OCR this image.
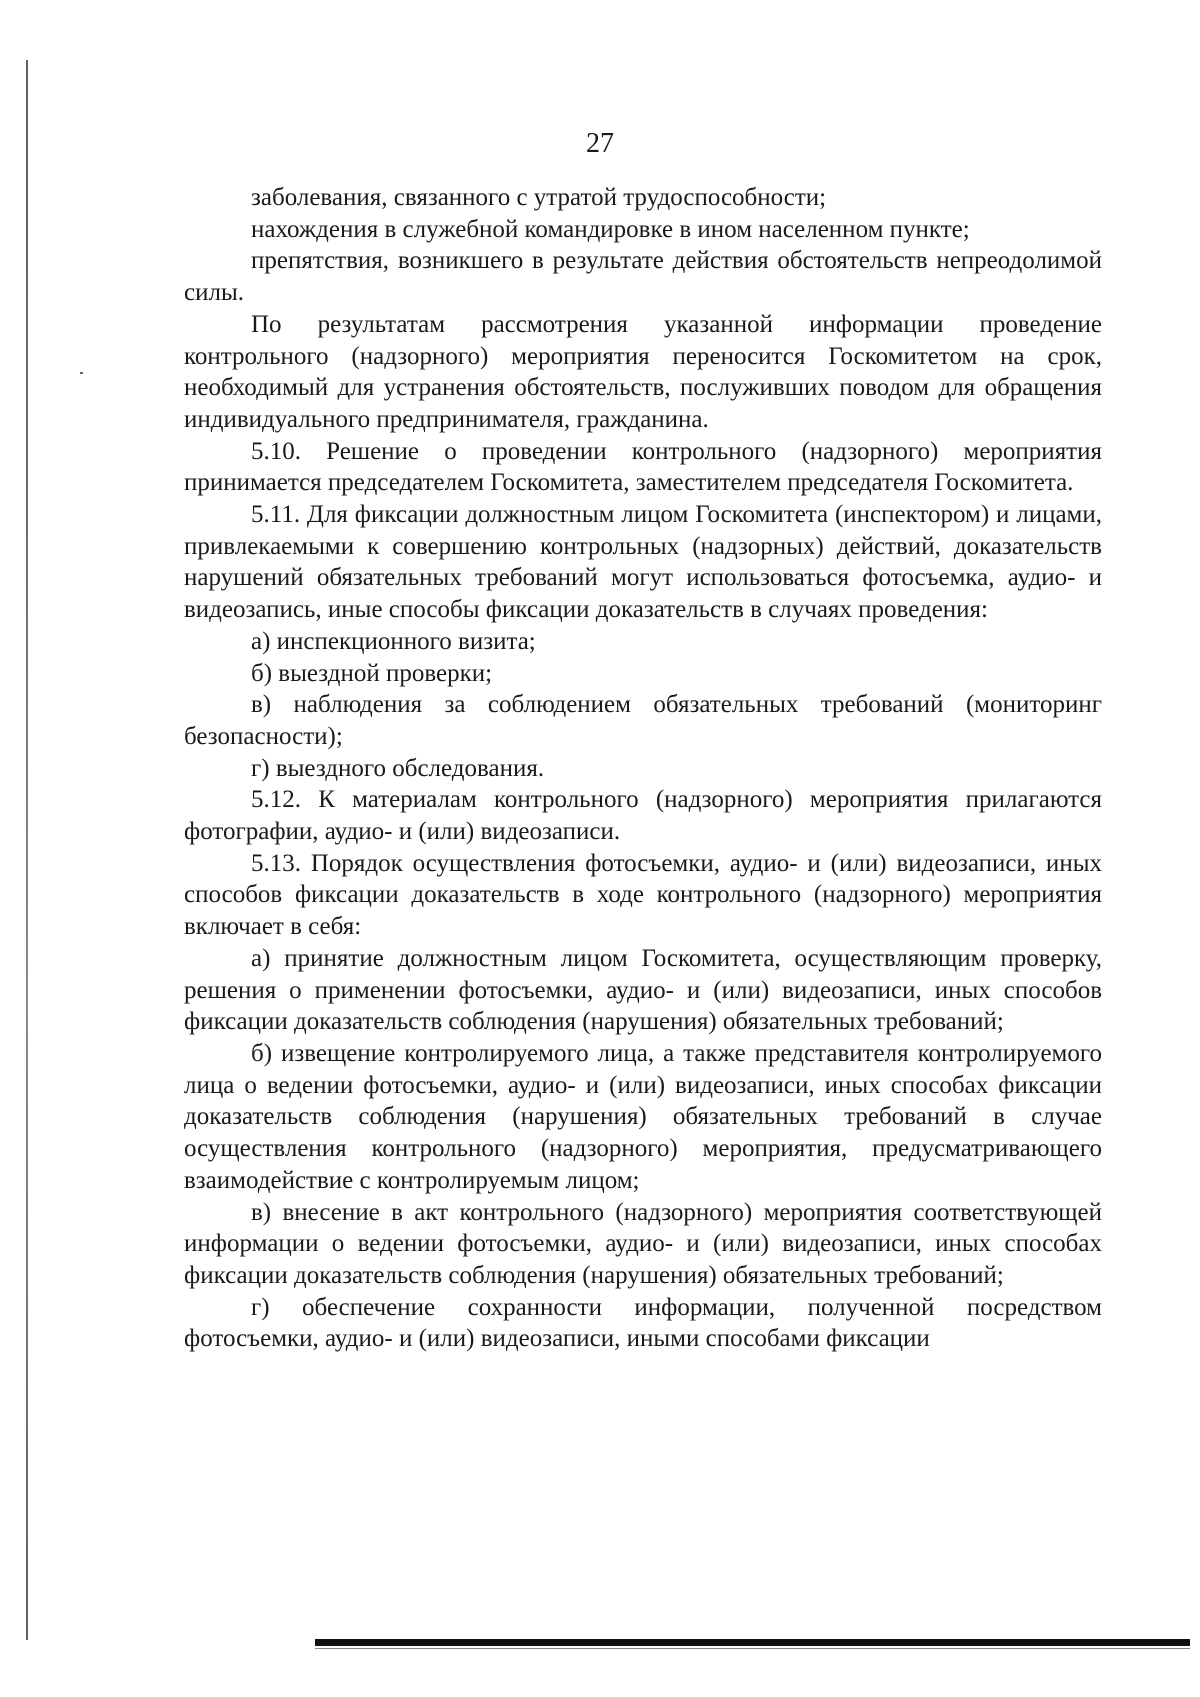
27

заболевания, связанного с утратой трудоспособности;

нахождения в служебной командировке в ином населенном пункте;

препятствия, возникшего в результате действия обстоятельств непреодолимой силы.

По результатам рассмотрения указанной информации проведение контрольного (надзорного) мероприятия переносится Госкомитетом на срок, необходимый для устранения обстоятельств, послуживших поводом для обращения индивидуального предпринимателя, гражданина.

5.10. Решение о проведении контрольного (надзорного) мероприятия принимается председателем Госкомитета, заместителем председателя Госкомитета.

5.11. Для фиксации должностным лицом Госкомитета (инспектором) и лицами, привлекаемыми к совершению контрольных (надзорных) действий, доказательств нарушений обязательных требований могут использоваться фотосъемка, аудио- и видеозапись, иные способы фиксации доказательств в случаях проведения:

а) инспекционного визита;

б) выездной проверки;

в) наблюдения за соблюдением обязательных требований (мониторинг безопасности);

г) выездного обследования.

5.12. К материалам контрольного (надзорного) мероприятия прилагаются фотографии, аудио- и (или) видеозаписи.

5.13. Порядок осуществления фотосъемки, аудио- и (или) видеозаписи, иных способов фиксации доказательств в ходе контрольного (надзорного) мероприятия включает в себя:

а) принятие должностным лицом Госкомитета, осуществляющим проверку, решения о применении фотосъемки, аудио- и (или) видеозаписи, иных способов фиксации доказательств соблюдения (нарушения) обязательных требований;

б) извещение контролируемого лица, а также представителя контролируемого лица о ведении фотосъемки, аудио- и (или) видеозаписи, иных способах фиксации доказательств соблюдения (нарушения) обязательных требований в случае осуществления контрольного (надзорного) мероприятия, предусматривающего взаимодействие с контролируемым лицом;

в) внесение в акт контрольного (надзорного) мероприятия соответствующей информации о ведении фотосъемки, аудио- и (или) видеозаписи, иных способах фиксации доказательств соблюдения (нарушения) обязательных требований;

г) обеспечение сохранности информации, полученной посредством фотосъемки, аудио- и (или) видеозаписи, иными способами фиксации
